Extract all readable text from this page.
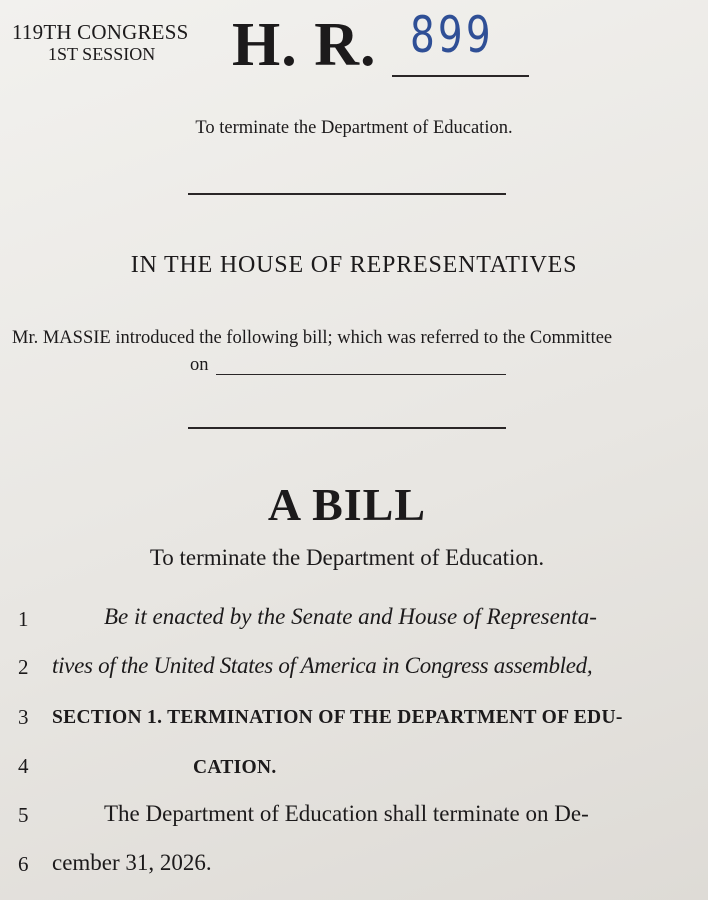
119TH CONGRESS
1ST SESSION H. R. 899
To terminate the Department of Education.
IN THE HOUSE OF REPRESENTATIVES
Mr. MASSIE introduced the following bill; which was referred to the Committee
on
A BILL
To terminate the Department of Education.
1	Be it enacted by the Senate and House of Representa-
2 tives of the United States of America in Congress assembled,
3 SECTION 1. TERMINATION OF THE DEPARTMENT OF EDU-
4	CATION.
5	The Department of Education shall terminate on De-
6 cember 31, 2026.
